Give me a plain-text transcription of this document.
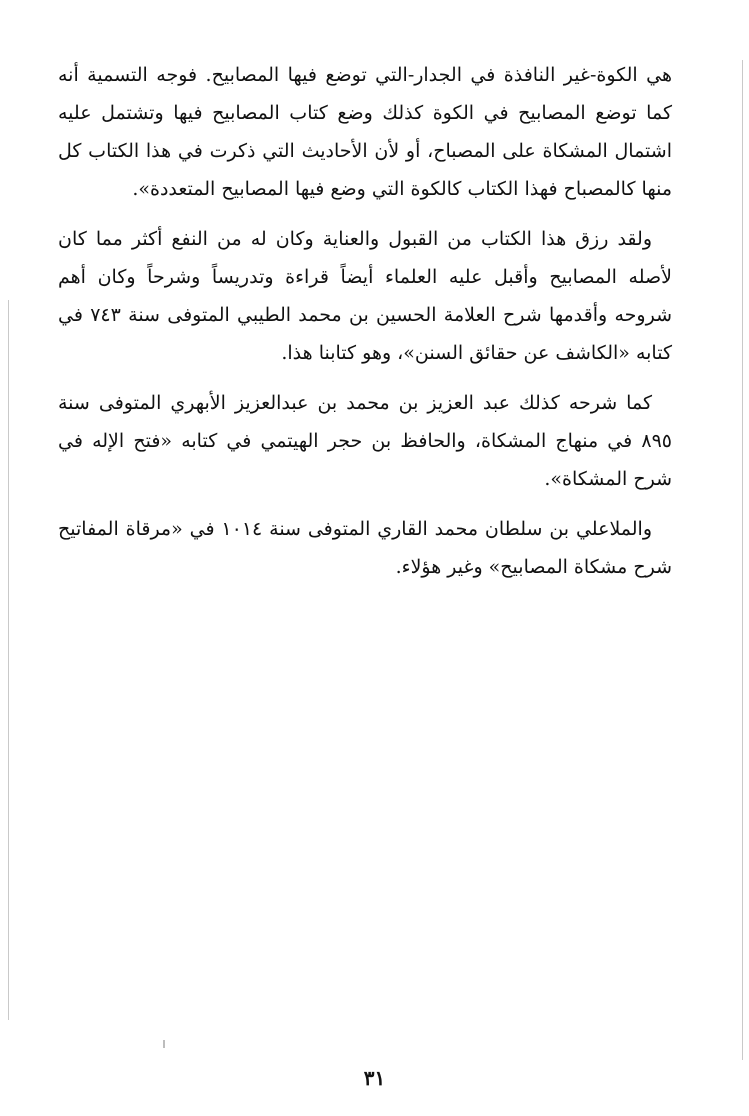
هي الكوة-غير النافذة في الجدار-التي توضع فيها المصابيح. فوجه التسمية أنه كما توضع المصابيح في الكوة كذلك وضع كتاب المصابيح فيها وتشتمل عليه اشتمال المشكاة على المصباح، أو لأن الأحاديث التي ذكرت في هذا الكتاب كل منها كالمصباح فهذا الكتاب كالكوة التي وضع فيها المصابيح المتعددة».

ولقد رزق هذا الكتاب من القبول والعناية وكان له من النفع أكثر مما كان لأصله المصابيح وأقبل عليه العلماء أيضاً قراءة وتدريساً وشرحاً وكان أهم شروحه وأقدمها شرح العلامة الحسين بن محمد الطيبي المتوفى سنة ٧٤٣ في كتابه «الكاشف عن حقائق السنن»، وهو كتابنا هذا.

كما شرحه كذلك عبد العزيز بن محمد بن عبدالعزيز الأبهري المتوفى سنة ٨٩٥ في منهاج المشكاة، والحافظ بن حجر الهيتمي في كتابه «فتح الإله في شرح المشكاة».

والملاعلي بن سلطان محمد القاري المتوفى سنة ١٠١٤ في «مرقاة المفاتيح شرح مشكاة المصابيح» وغير هؤلاء.

٣١
